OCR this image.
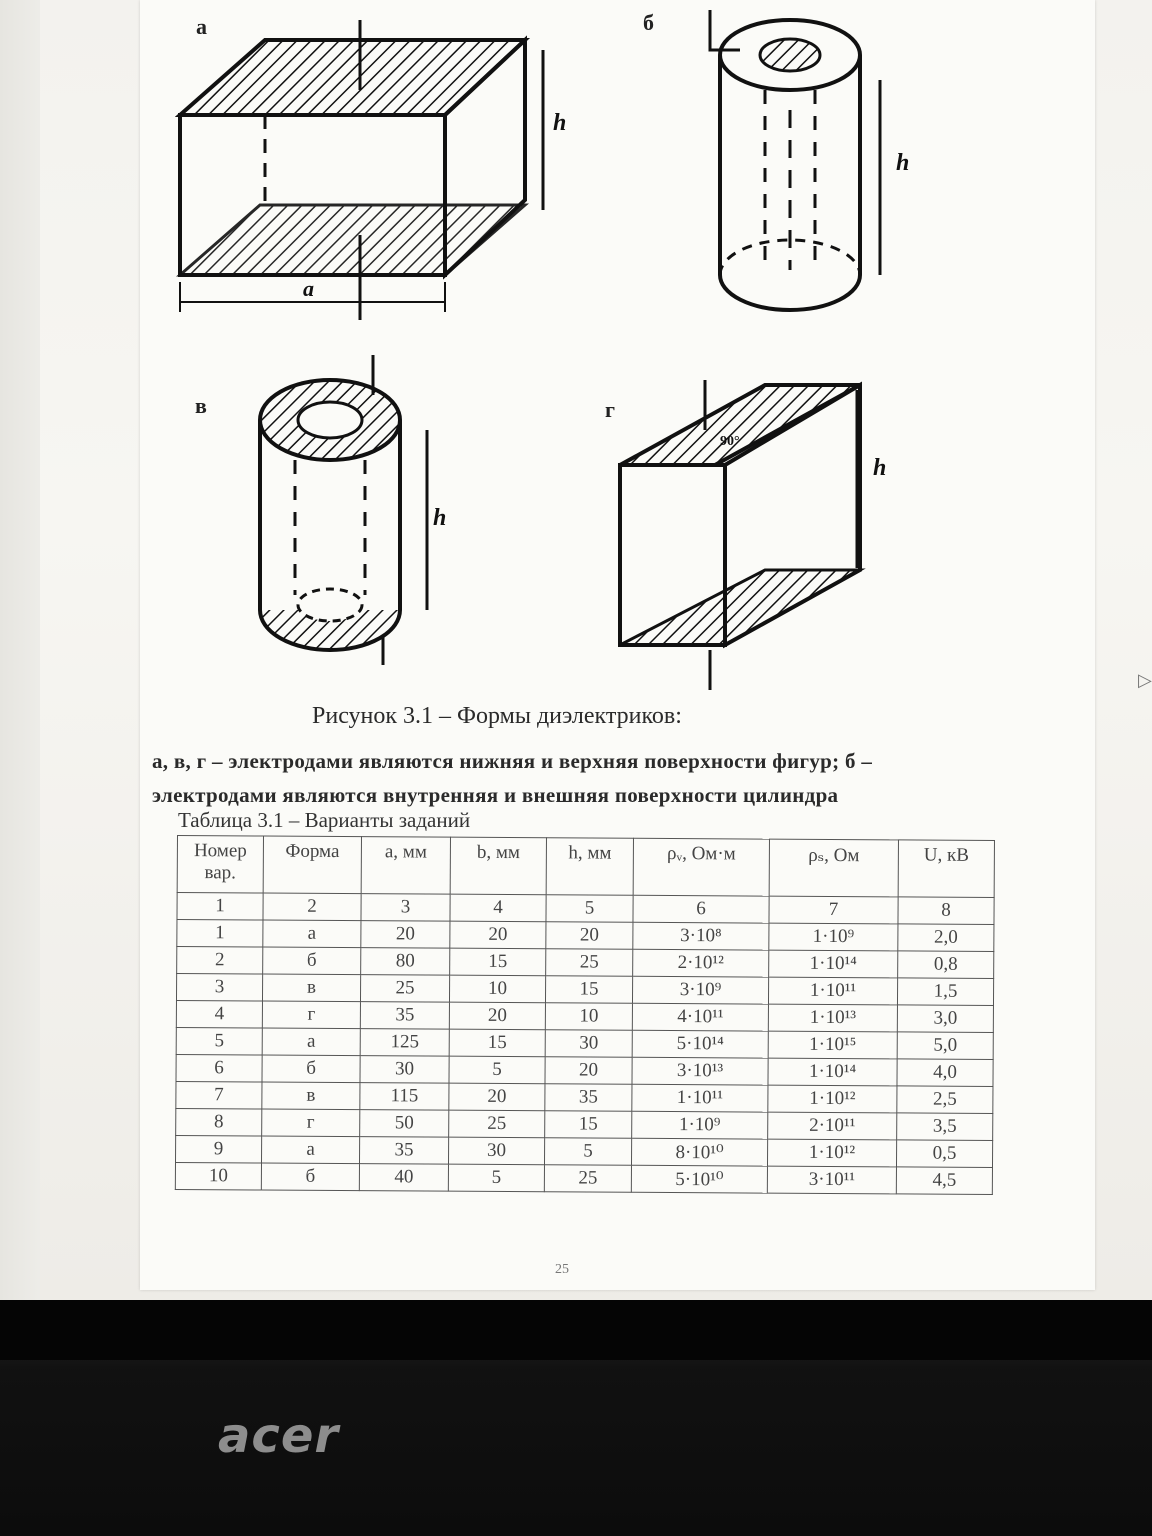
h
a
а
h
б
h
в
h
90°
г
Рисунок 3.1 – Формы диэлектриков:
а, в, г – электродами являются нижняя и верхняя поверхности фигур; б – электродами являются внутренняя и внешняя поверхности цилиндра
Таблица 3.1 – Варианты заданий
Номер вар.	Форма	a, мм	b, мм	h, мм	ρᵥ, Ом·м	ρₛ, Ом	U, кВ
1	2	3	4	5	6	7	8
1	а	20	20	20	3·10⁸	1·10⁹	2,0
2	б	80	15	25	2·10¹²	1·10¹⁴	0,8
3	в	25	10	15	3·10⁹	1·10¹¹	1,5
4	г	35	20	10	4·10¹¹	1·10¹³	3,0
5	а	125	15	30	5·10¹⁴	1·10¹⁵	5,0
6	б	30	5	20	3·10¹³	1·10¹⁴	4,0
7	в	115	20	35	1·10¹¹	1·10¹²	2,5
8	г	50	25	15	1·10⁹	2·10¹¹	3,5
9	а	35	30	5	8·10¹⁰	1·10¹²	0,5
10	б	40	5	25	5·10¹⁰	3·10¹¹	4,5
25
▷
acer
